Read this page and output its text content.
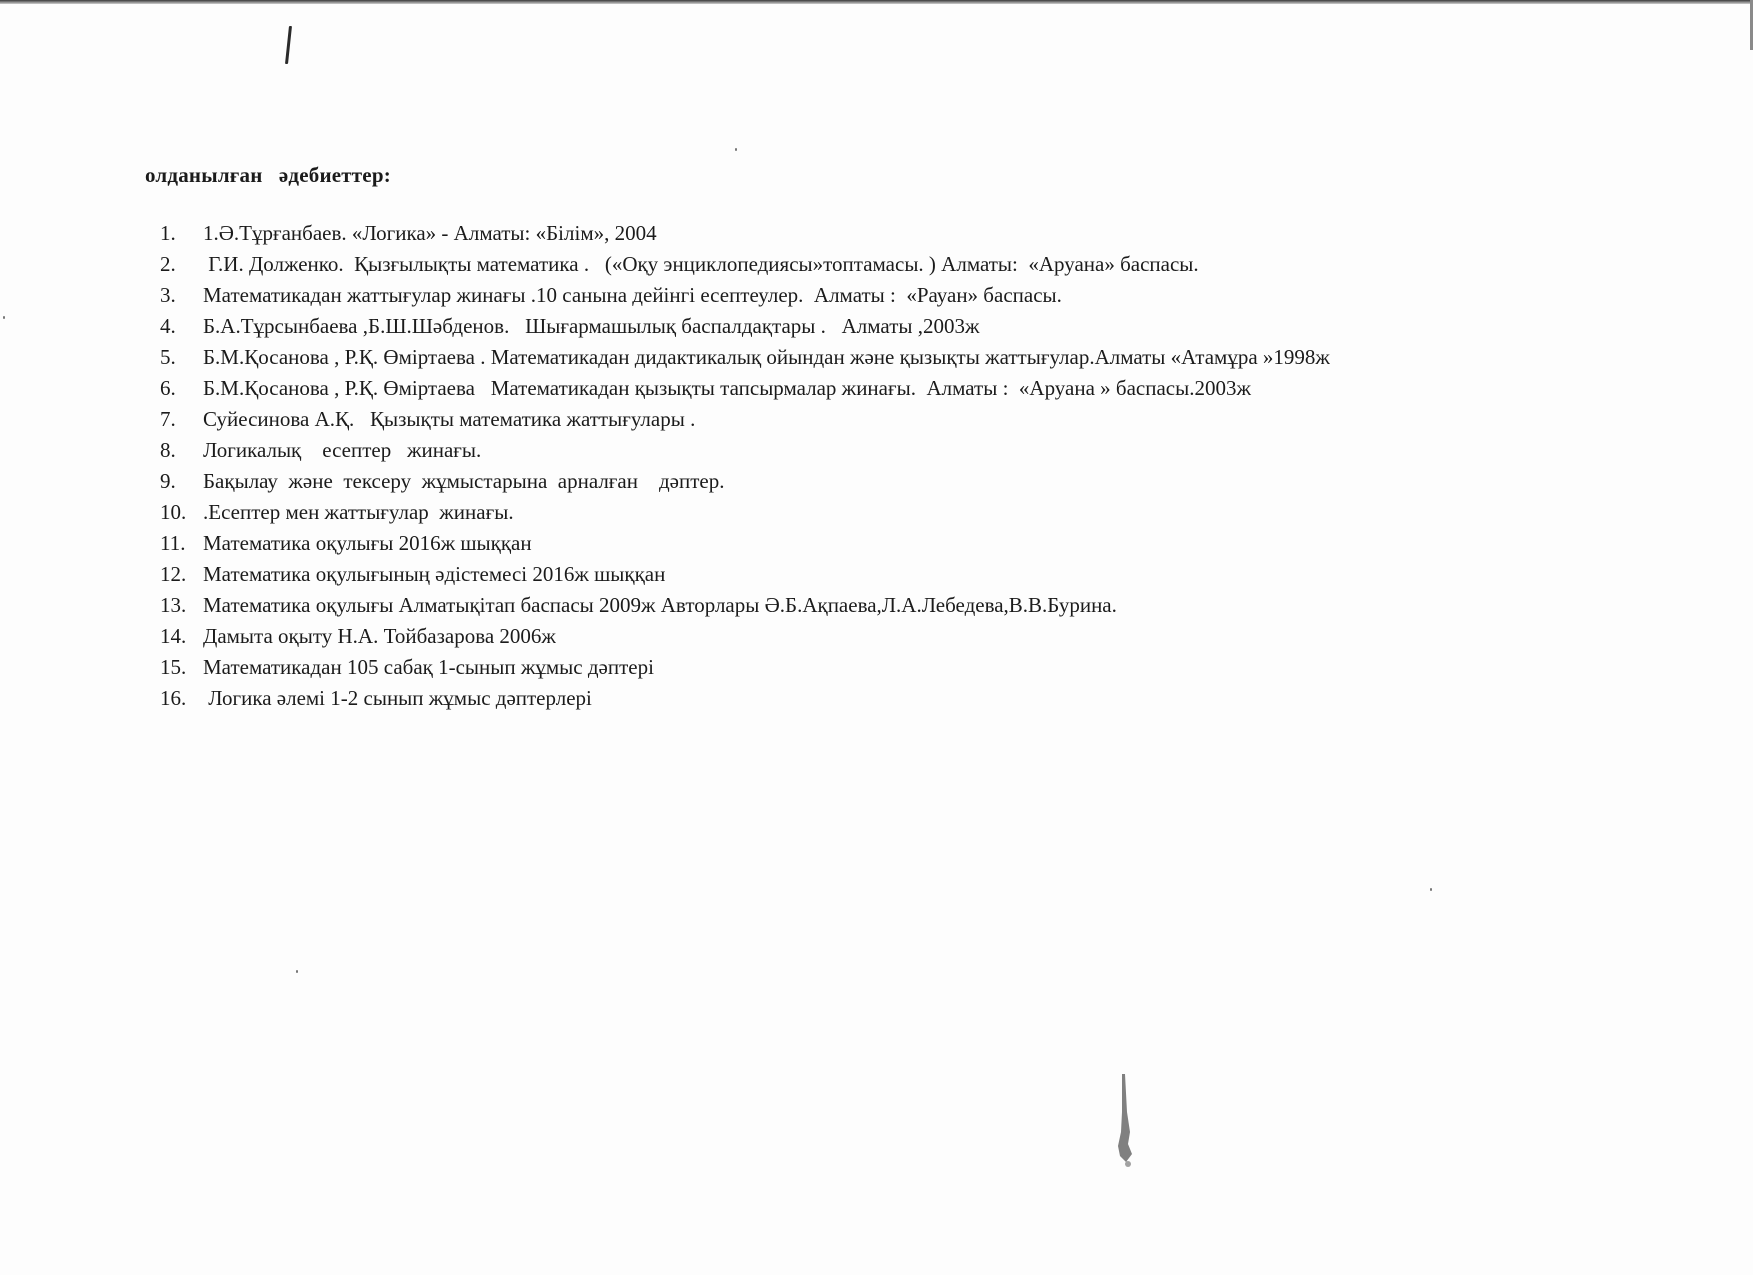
олданылған   әдебиеттер:
1.	1.Ә.Тұрғанбаев. «Логика» - Алматы: «Білім», 2004
2.	Г.И. Долженко.  Қызғылықты математика .   («Оқу энциклопедиясы»топтамасы. ) Алматы:  «Аруана» баспасы.
3.	Математикадан жаттығулар жинағы .10 санына дейінгі есептеулер.  Алматы :  «Рауан» баспасы.
4.	Б.А.Тұрсынбаева ,Б.Ш.Шәбденов.   Шығармашылық баспалдақтары .   Алматы ,2003ж
5.	Б.М.Қосанова , Р.Қ. Өміртаева . Математикадан дидактикалық ойындан және қызықты жаттығулар.Алматы «Атамұра »1998ж
6.	Б.М.Қосанова , Р.Қ. Өміртаева   Математикадан қызықты тапсырмалар жинағы.  Алматы :  «Аруана » баспасы.2003ж
7.	Суйесинова А.Қ.   Қызықты математика жаттығулары .
8.	Логикалық    есептер   жинағы.
9.	Бақылау  және  тексеру  жұмыстарына  арналған    дәптер.
10. .Есептер мен жаттығулар  жинағы.
11. Математика оқулығы 2016ж шыққан
12. Математика оқулығының әдістемесі 2016ж шыққан
13. Математика оқулығы Алматықітап баспасы 2009ж Авторлары Ә.Б.Ақпаева,Л.А.Лебедева,В.В.Бурина.
14. Дамыта оқыту Н.А. Тойбазарова 2006ж
15. Математикадан 105 сабақ 1-сынып жұмыс дәптері
16. Логика әлемі 1-2 сынып жұмыс дәптерлері
